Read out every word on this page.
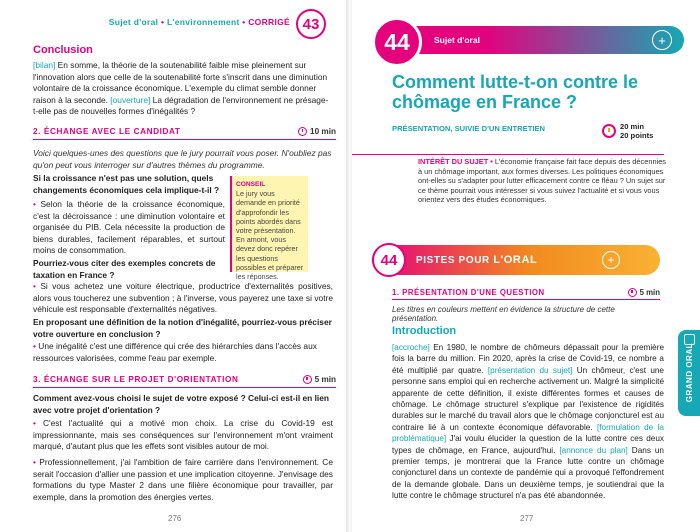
Sujet d'oral • L'environnement • CORRIGÉ 43
Conclusion

[bilan] En somme, la théorie de la soutenabilité faible mise pleinement sur l'innovation alors que celle de la soutenabilité forte s'inscrit dans une diminution volontaire de la croissance économique. L'exemple du climat semble donner raison à la seconde. [ouverture] La dégradation de l'environnement ne présage-t-elle pas de nouvelles formes d'inégalités ?

2. ÉCHANGE AVEC LE CANDIDAT	10 min

Voici quelques-unes des questions que le jury pourrait vous poser. N'oubliez pas qu'on peut vous interroger sur d'autres thèmes du programme.

Si la croissance n'est pas une solution, quels changements économiques cela implique-t-il ?

• Selon la théorie de la croissance économique, c'est la décroissance : une diminution volontaire et organisée du PIB. Cela nécessite la production de biens durables, facilement réparables, et surtout moins de consommation.

CONSEIL
Le jury vous demande en priorité d'approfondir les points abordés dans votre présentation. En amont, vous devez donc repérer les questions possibles et préparer les réponses.

Pourriez-vous citer des exemples concrets de taxation en France ?

• Si vous achetez une voiture électrique, productrice d'externalités positives, alors vous toucherez une subvention ; à l'inverse, vous payerez une taxe si votre véhicule est responsable d'externalités négatives.

En proposant une définition de la notion d'inégalité, pourriez-vous préciser votre ouverture en conclusion ?

• Une inégalité c'est une différence qui crée des hiérarchies dans l'accès aux ressources valorisées, comme l'eau par exemple.

3. ÉCHANGE SUR LE PROJET D'ORIENTATION	5 min

Comment avez-vous choisi le sujet de votre exposé ? Celui-ci est-il en lien avec votre projet d'orientation ?

• C'est l'actualité qui a motivé mon choix. La crise du Covid-19 est impressionnante, mais ses conséquences sur l'environnement m'ont vraiment marqué, d'autant plus que les effets sont visibles autour de moi.

• Professionnellement, j'ai l'ambition de faire carrière dans l'environnement. Ce serait l'occasion d'allier une passion et une implication citoyenne. J'envisage des formations du type Master 2 dans une filière économique pour travailler, par exemple, dans la promotion des énergies vertes.

276
44	Sujet d'oral	+
Comment lutte-t-on contre le chômage en France ?
PRÉSENTATION, SUIVIE D'UN ENTRETIEN	20 min
20 points

INTÉRÊT DU SUJET • L'économie française fait face depuis des décennies à un chômage important, aux formes diverses. Les politiques économiques ont-elles su s'adapter pour lutter efficacement contre ce fléau ? Un sujet sur ce thème pourrait vous intéresser si vous suivez l'actualité et si vous vous orientez vers des études économiques.

44	PISTES POUR L'ORAL	+
1. PRÉSENTATION D'UNE QUESTION	5 min

Les titres en couleurs mettent en évidence la structure de cette présentation.

Introduction

[accroche] En 1980, le nombre de chômeurs dépassait pour la première fois la barre du million. Fin 2020, après la crise de Covid-19, ce nombre a été multiplié par quatre. [présentation du sujet] Un chômeur, c'est une personne sans emploi qui en recherche activement un. Malgré la simplicité apparente de cette définition, il existe différentes formes et causes de chômage. Le chômage structurel s'explique par l'existence de rigidités durables sur le marché du travail alors que le chômage conjoncturel est au contraire lié à un contexte économique défavorable. [formulation de la problématique] J'ai voulu élucider la question de la lutte contre ces deux types de chômage, en France, aujourd'hui. [annonce du plan] Dans un premier temps, je montrerai que la France lutte contre un chômage conjoncturel dans un contexte de pandémie qui a provoqué l'effondrement de la demande globale. Dans un deuxième temps, je soutiendrai que la lutte contre le chômage structurel n'a pas été abandonnée.

GRAND ORAL
277
